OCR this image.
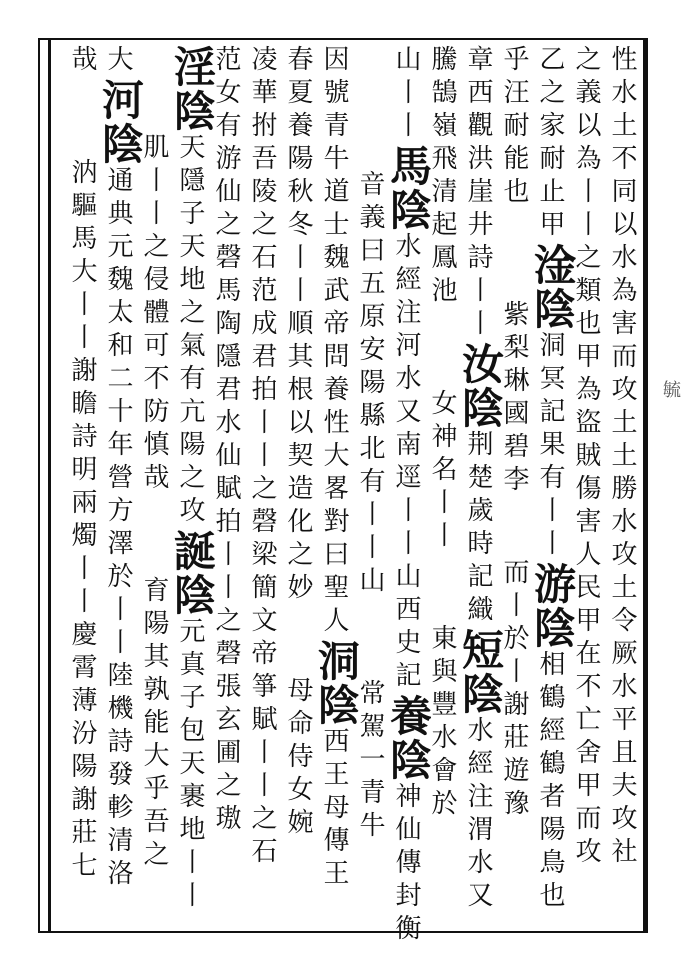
性水土不同以水為害而攻土土勝水攻土令厥水平且夫攻社
之義以為丨丨之類也甲為盜賊傷害人民甲在不亡舍甲而攻
乙之家耐止甲
淦陰
洞冥記果有丨丨
游陰
相鶴經鶴者陽鳥也
乎汪耐能也
紫梨琳國碧李
而丨於丨謝莊遊豫
章西觀洪崖井詩丨丨
汝陰
荆楚歲時記織
短陰
水經注渭水又
騰鵠嶺飛清起鳳池
女神名丨丨
東與豐水會於
山丨丨
馬陰
水經注河水又南逕丨丨山西史記
養陰
神仙傳封衡
音義曰五原安陽縣北有丨丨山
常駕一青牛
因號青牛道士魏武帝問養性大畧對曰聖人
洞陰
西王母傳王
春夏養陽秋冬丨丨順其根以契造化之妙
母命侍女婉
凌華拊吾陵之石范成君拍丨丨之磬梁簡文帝箏賦丨丨之石
范女有游仙之磬馬陶隱君水仙賦拍丨丨之磬張玄圃之璈
淫陰
天隱子天地之氣有亢陽之攻
誕陰
元真子包天裹地丨丨
肌丨丨之侵體可不防慎哉
育陽其孰能大乎吾之
大
河陰
通典元魏太和二十年營方澤於丨丨陸機詩發軫清洛
哉
汭驅馬大丨丨謝瞻詩明兩燭丨丨慶霄薄汾陽謝莊七	毓
